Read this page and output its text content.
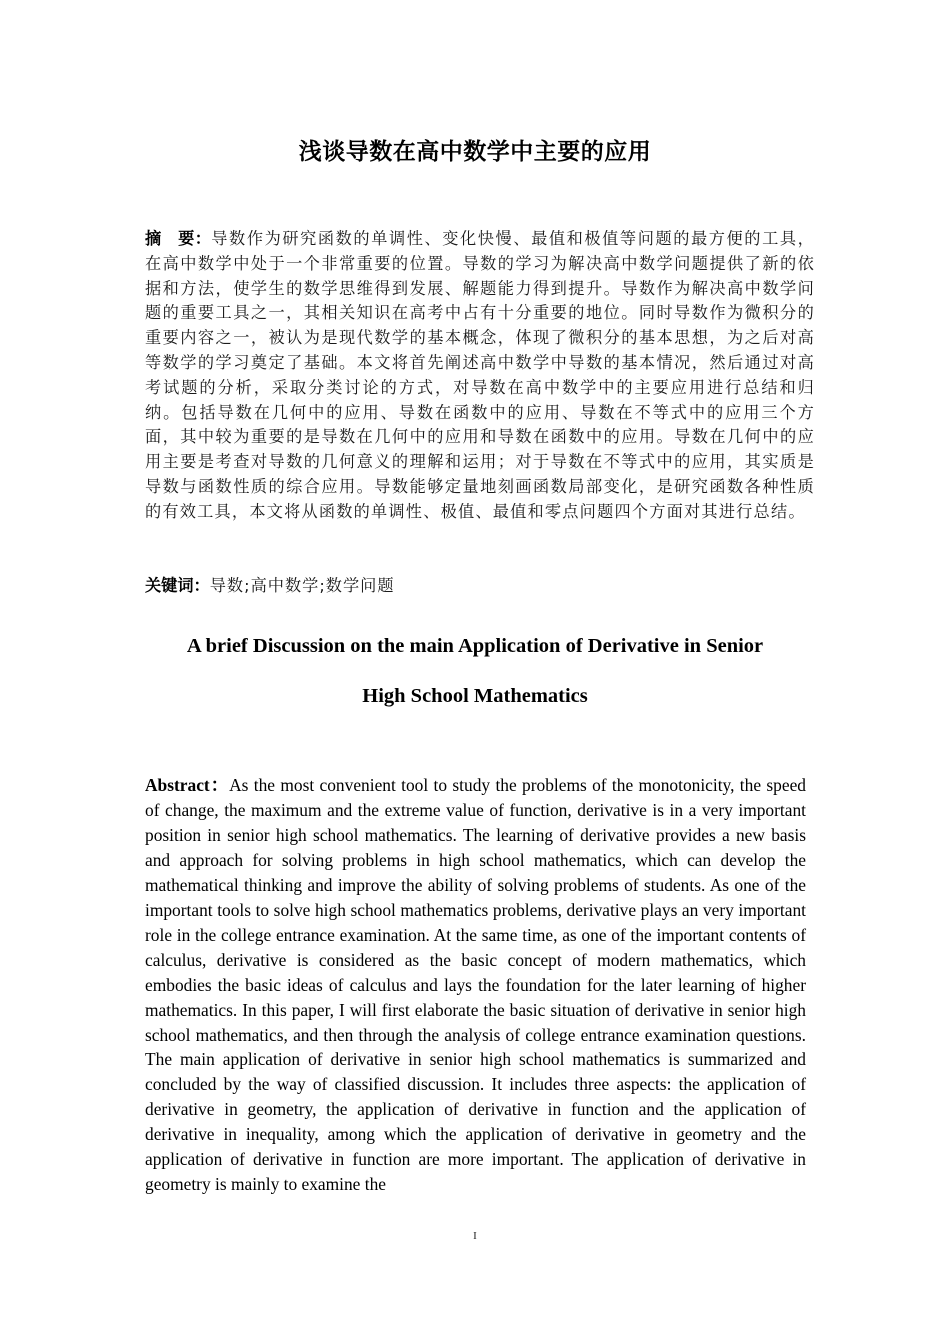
浅谈导数在高中数学中主要的应用
摘　要：导数作为研究函数的单调性、变化快慢、最值和极值等问题的最方便的工具，在高中数学中处于一个非常重要的位置。导数的学习为解决高中数学问题提供了新的依据和方法，使学生的数学思维得到发展、解题能力得到提升。导数作为解决高中数学问题的重要工具之一，其相关知识在高考中占有十分重要的地位。同时导数作为微积分的重要内容之一，被认为是现代数学的基本概念，体现了微积分的基本思想，为之后对高等数学的学习奠定了基础。本文将首先阐述高中数学中导数的基本情况，然后通过对高考试题的分析，采取分类讨论的方式，对导数在高中数学中的主要应用进行总结和归纳。包括导数在几何中的应用、导数在函数中的应用、导数在不等式中的应用三个方面，其中较为重要的是导数在几何中的应用和导数在函数中的应用。导数在几何中的应用主要是考查对导数的几何意义的理解和运用；对于导数在不等式中的应用，其实质是导数与函数性质的综合应用。导数能够定量地刻画函数局部变化，是研究函数各种性质的有效工具，本文将从函数的单调性、极值、最值和零点问题四个方面对其进行总结。
关键词：导数;高中数学;数学问题
A brief Discussion on the main Application of Derivative in Senior
High School Mathematics
Abstract：As the most convenient tool to study the problems of the monotonicity, the speed of change, the maximum and the extreme value of function, derivative is in a very important position in senior high school mathematics. The learning of derivative provides a new basis and approach for solving problems in high school mathematics, which can develop the mathematical thinking and improve the ability of solving problems of students. As one of the important tools to solve high school mathematics problems, derivative plays an very important role in the college entrance examination. At the same time, as one of the important contents of calculus, derivative is considered as the basic concept of modern mathematics, which embodies the basic ideas of calculus and lays the foundation for the later learning of higher mathematics. In this paper, I will first elaborate the basic situation of derivative in senior high school mathematics, and then through the analysis of college entrance examination questions. The main application of derivative in senior high school mathematics is summarized and concluded by the way of classified discussion. It includes three aspects: the application of derivative in geometry, the application of derivative in function and the application of derivative in inequality, among which the application of derivative in geometry and the application of derivative in function are more important. The application of derivative in geometry is mainly to examine the
I
